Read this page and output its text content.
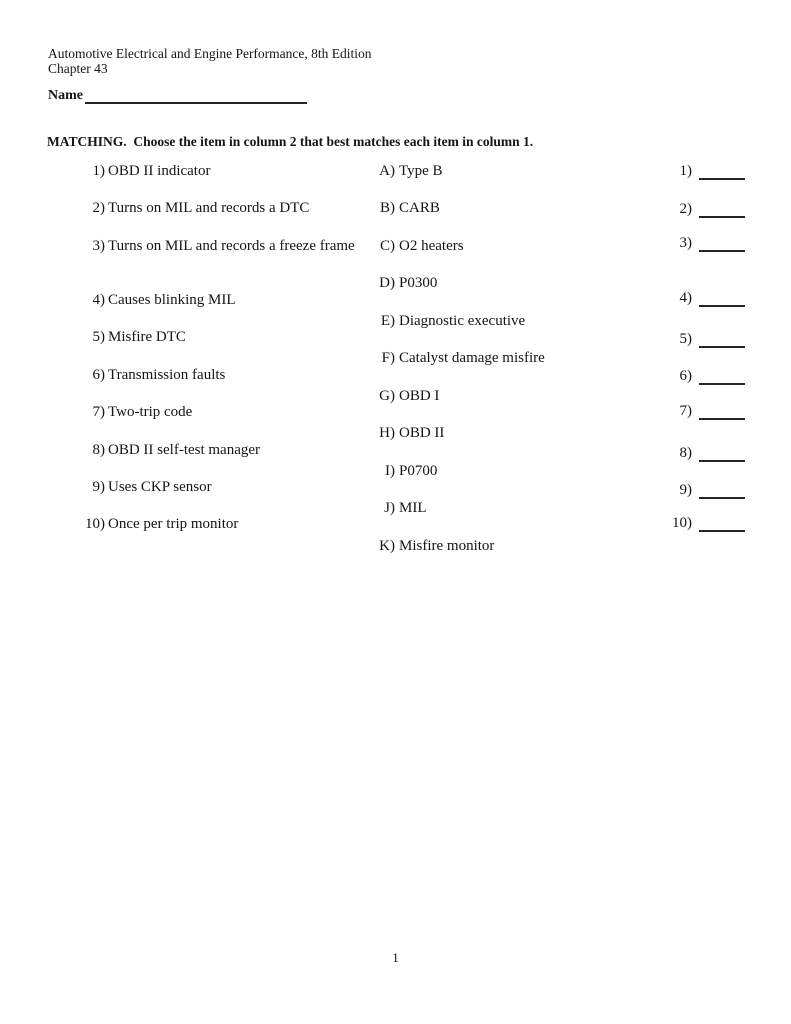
Automotive Electrical and Engine Performance, 8th Edition
Chapter 43
Name
MATCHING.  Choose the item in column 2 that best matches each item in column 1.
1) OBD II indicator
2) Turns on MIL and records a DTC
3) Turns on MIL and records a freeze frame
4) Causes blinking MIL
5) Misfire DTC
6) Transmission faults
7) Two-trip code
8) OBD II self-test manager
9) Uses CKP sensor
10) Once per trip monitor
A) Type B
B) CARB
C) O2 heaters
D) P0300
E) Diagnostic executive
F) Catalyst damage misfire
G) OBD I
H) OBD II
I) P0700
J) MIL
K) Misfire monitor
1)
2)
3)
4)
5)
6)
7)
8)
9)
10)
1
